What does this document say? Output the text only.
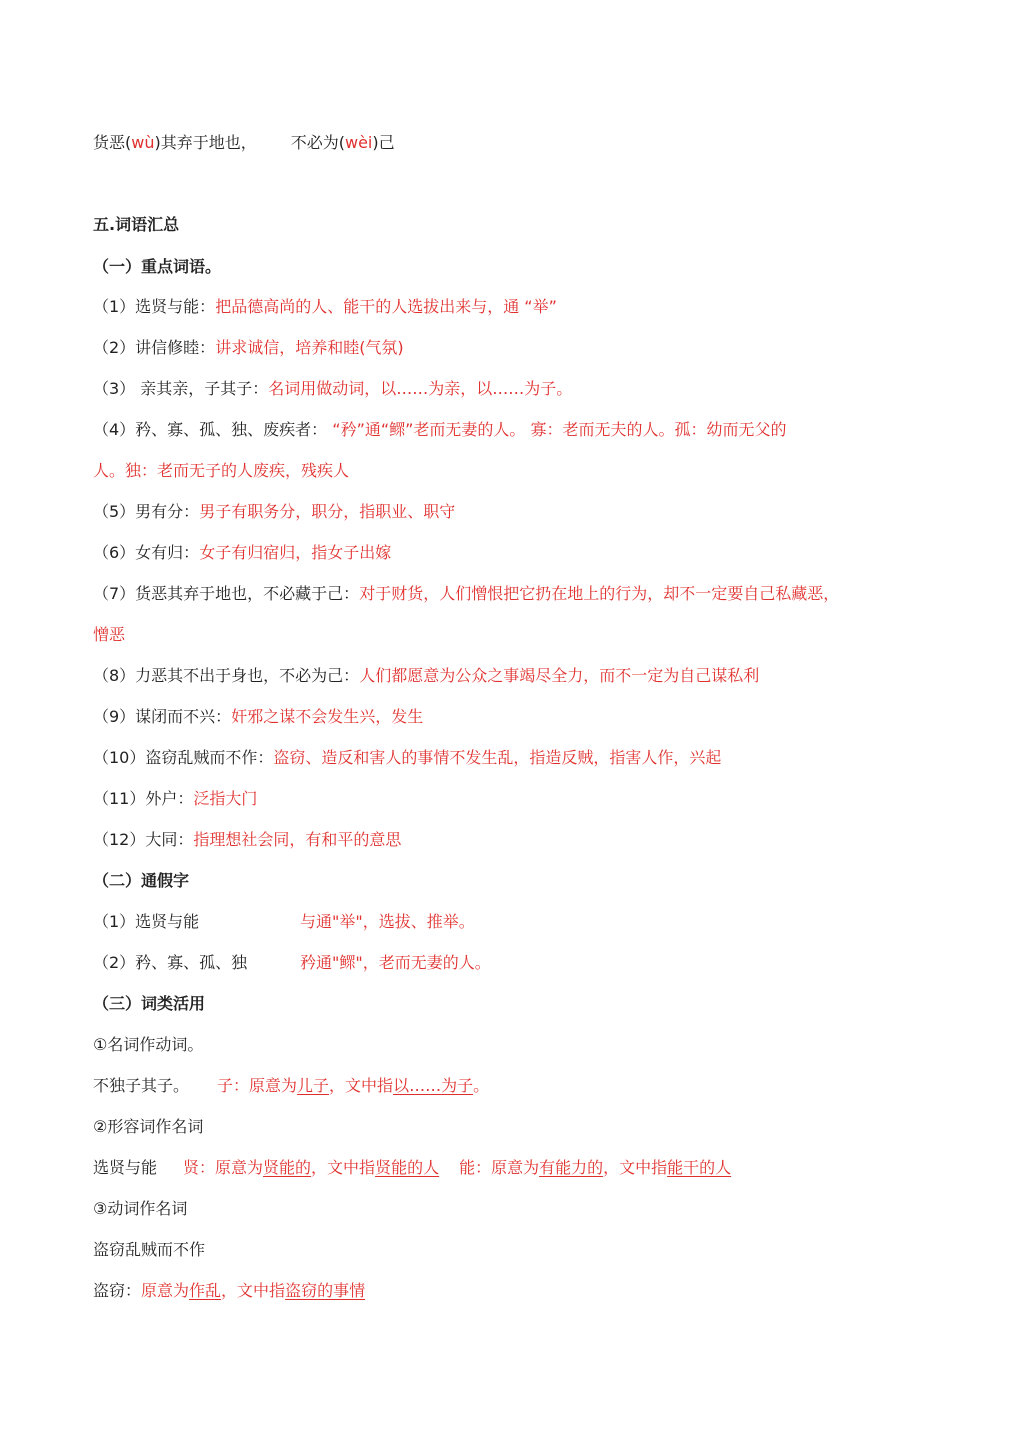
货恶(wù)其弃于地也， 不必为(wèi)己
五.词语汇总
（一）重点词语。
（1）选贤与能：把品德高尚的人、能干的人选拔出来与，通 “举”
（2）讲信修睦：讲求诚信，培养和睦(气氛)
（3） 亲其亲，子其子：名词用做动词，以……为亲，以……为子。
（4）矜、寡、孤、独、废疾者： “矜”通“鳏”老而无妻的人。 寡：老而无夫的人。孤：幼而无父的
人。独：老而无子的人废疾，残疾人
（5）男有分：男子有职务分，职分，指职业、职守
（6）女有归：女子有归宿归，指女子出嫁
（7）货恶其弃于地也，不必藏于己：对于财货，人们憎恨把它扔在地上的行为，却不一定要自己私藏恶，
憎恶
（8）力恶其不出于身也，不必为己：人们都愿意为公众之事竭尽全力，而不一定为自己谋私利
（9）谋闭而不兴：奸邪之谋不会发生兴，发生
（10）盗窃乱贼而不作：盗窃、造反和害人的事情不发生乱，指造反贼，指害人作，兴起
（11）外户：泛指大门
（12）大同：指理想社会同，有和平的意思
（二）通假字
（1）选贤与能	与通"举"，选拔、推举。
（2）矜、寡、孤、独	矜通"鳏"，老而无妻的人。
（三）词类活用
①名词作动词。
不独子其子。 子：原意为儿子，文中指以……为子。
②形容词作名词
选贤与能 贤：原意为贤能的，文中指贤能的人 能：原意为有能力的，文中指能干的人
③动词作名词
盗窃乱贼而不作
盗窃：原意为作乱，文中指盗窃的事情
